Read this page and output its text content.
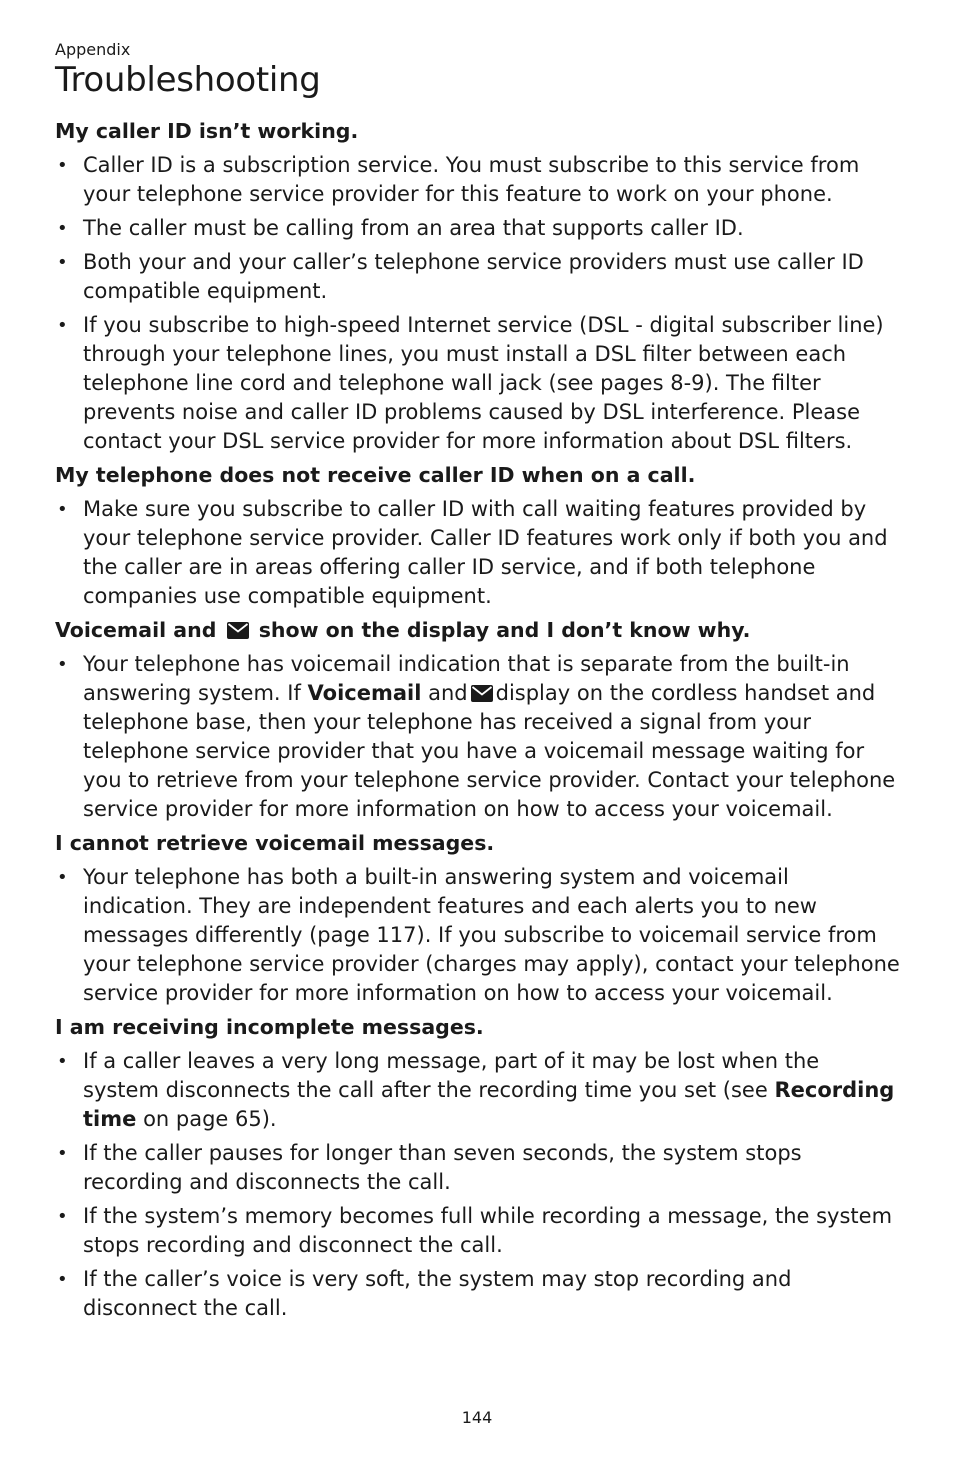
Appendix
Troubleshooting
My caller ID isn’t working.
• Caller ID is a subscription service. You must subscribe to this service from your telephone service provider for this feature to work on your phone.
• The caller must be calling from an area that supports caller ID.
• Both your and your caller’s telephone service providers must use caller ID compatible equipment.
• If you subscribe to high-speed Internet service (DSL - digital subscriber line) through your telephone lines, you must install a DSL filter between each telephone line cord and telephone wall jack (see pages 8-9). The filter prevents noise and caller ID problems caused by DSL interference. Please contact your DSL service provider for more information about DSL filters.
My telephone does not receive caller ID when on a call.
• Make sure you subscribe to caller ID with call waiting features provided by your telephone service provider. Caller ID features work only if both you and the caller are in areas offering caller ID service, and if both telephone companies use compatible equipment.
Voicemail and show on the display and I don’t know why.
• Your telephone has voicemail indication that is separate from the built-in answering system. If Voicemail and display on the cordless handset and telephone base, then your telephone has received a signal from your telephone service provider that you have a voicemail message waiting for you to retrieve from your telephone service provider. Contact your telephone service provider for more information on how to access your voicemail.
I cannot retrieve voicemail messages.
• Your telephone has both a built-in answering system and voicemail indication. They are independent features and each alerts you to new messages differently (page 117). If you subscribe to voicemail service from your telephone service provider (charges may apply), contact your telephone service provider for more information on how to access your voicemail.
I am receiving incomplete messages.
• If a caller leaves a very long message, part of it may be lost when the system disconnects the call after the recording time you set (see Recording time on page 65).
• If the caller pauses for longer than seven seconds, the system stops recording and disconnects the call.
• If the system’s memory becomes full while recording a message, the system stops recording and disconnect the call.
• If the caller’s voice is very soft, the system may stop recording and disconnect the call.
144
